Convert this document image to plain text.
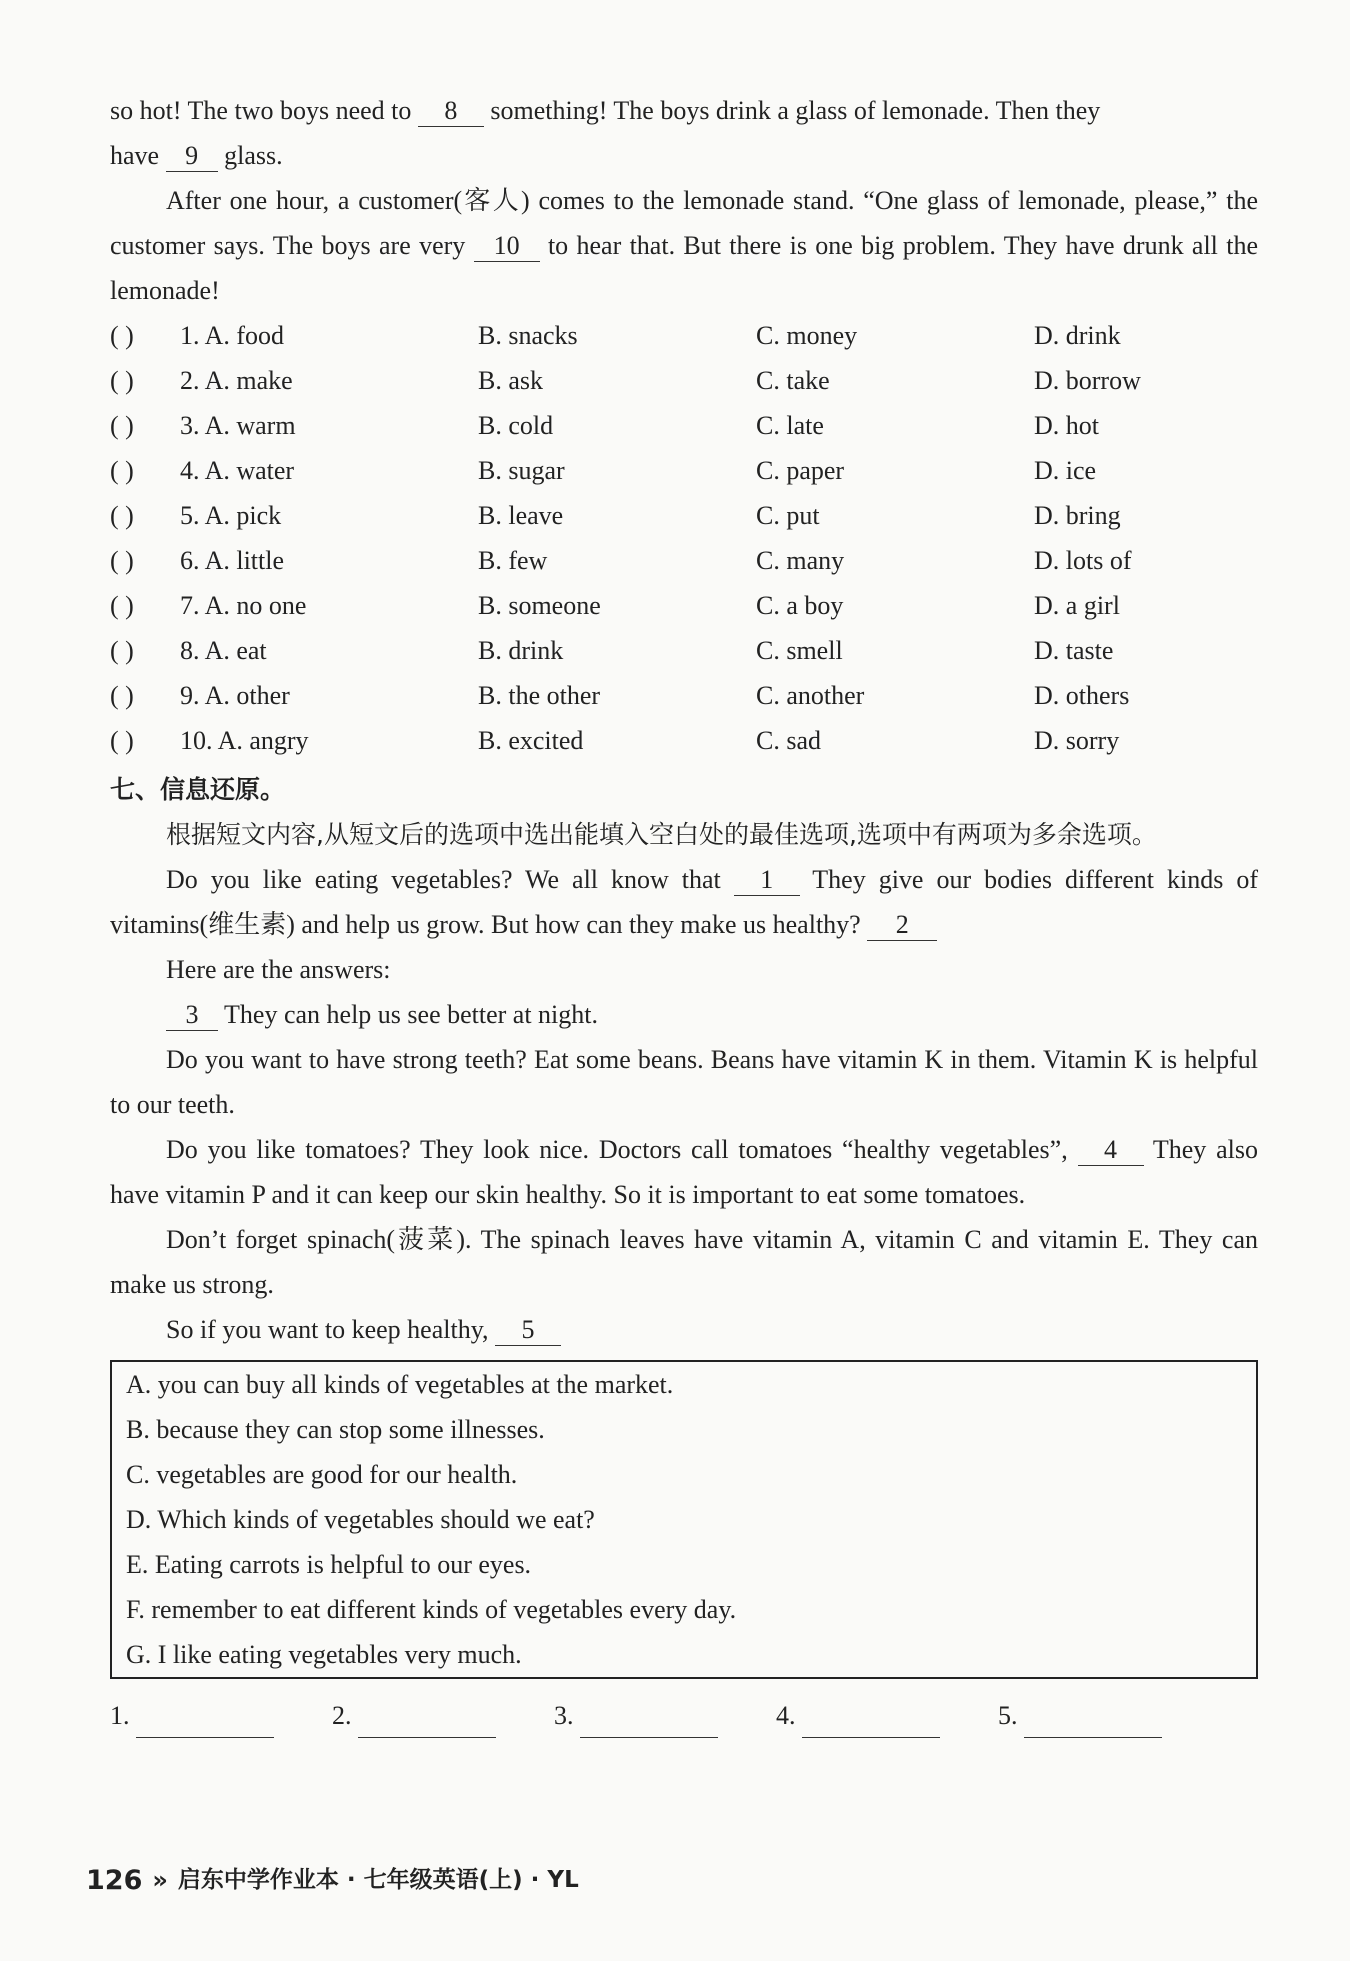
so hot! The two boys need to 8 something! The boys drink a glass of lemonade. Then they

have 9 glass.

After one hour, a customer(客人) comes to the lemonade stand. “One glass of lemonade, please,” the customer says. The boys are very 10 to hear that. But there is one big problem. They have drunk all the lemonade!

( )	1. A. food	B. snacks	C. money	D. drink
( )	2. A. make	B. ask	C. take	D. borrow
( )	3. A. warm	B. cold	C. late	D. hot
( )	4. A. water	B. sugar	C. paper	D. ice
( )	5. A. pick	B. leave	C. put	D. bring
( )	6. A. little	B. few	C. many	D. lots of
( )	7. A. no one	B. someone	C. a boy	D. a girl
( )	8. A. eat	B. drink	C. smell	D. taste
( )	9. A. other	B. the other	C. another	D. others
( )	10. A. angry	B. excited	C. sad	D. sorry

七、信息还原。

根据短文内容,从短文后的选项中选出能填入空白处的最佳选项,选项中有两项为多余选项。

Do you like eating vegetables? We all know that 1 They give our bodies different kinds of vitamins(维生素) and help us grow. But how can they make us healthy? 2

Here are the answers:

3 They can help us see better at night.

Do you want to have strong teeth? Eat some beans. Beans have vitamin K in them. Vitamin K is helpful to our teeth.

Do you like tomatoes? They look nice. Doctors call tomatoes “healthy vegetables”, 4 They also have vitamin P and it can keep our skin healthy. So it is important to eat some tomatoes.

Don’t forget spinach(菠菜). The spinach leaves have vitamin A, vitamin C and vitamin E. They can make us strong.

So if you want to keep healthy, 5

A. you can buy all kinds of vegetables at the market.
B. because they can stop some illnesses.
C. vegetables are good for our health.
D. Which kinds of vegetables should we eat?
E. Eating carrots is helpful to our eyes.
F. remember to eat different kinds of vegetables every day.
G. I like eating vegetables very much.
1.	2.	3.	4.	5.
126 » 启东中学作业本 · 七年级英语(上) · YL
